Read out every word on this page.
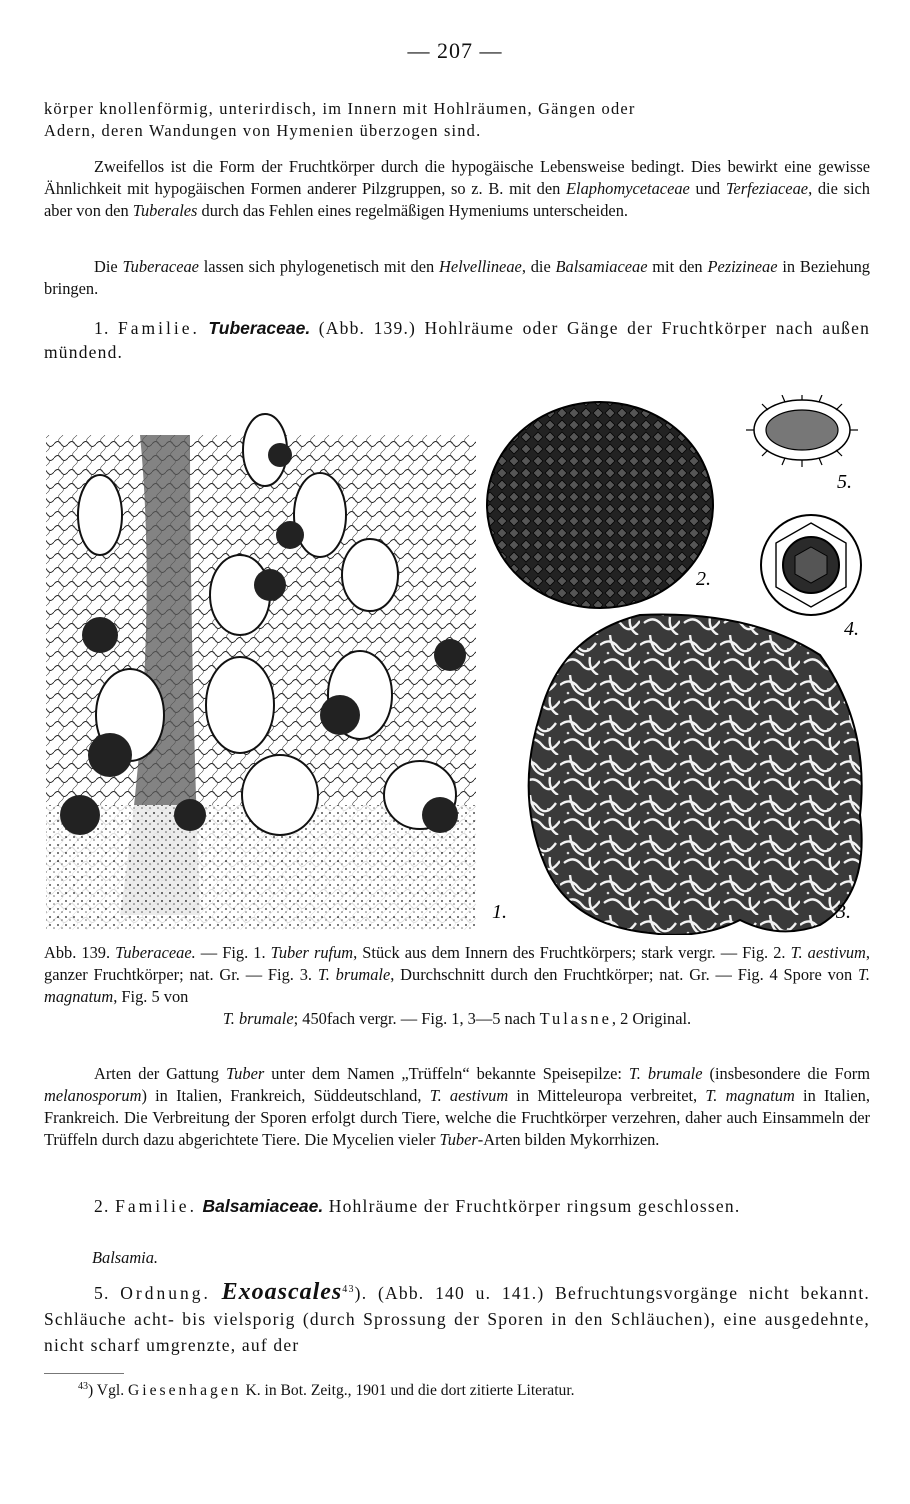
— 207 —
körper knollenförmig, unterirdisch, im Innern mit Hohlräumen, Gängen oder
Adern, deren Wandungen von Hymenien überzogen sind.
Zweifellos ist die Form der Fruchtkörper durch die hypogäische Lebensweise bedingt. Dies bewirkt eine gewisse Ähnlichkeit mit hypogäischen Formen anderer Pilzgruppen, so z. B. mit den Elaphomycetaceae und Terfeziaceae, die sich aber von den Tuberales durch das Fehlen eines regelmäßigen Hymeniums unterscheiden.
Die Tuberaceae lassen sich phylogenetisch mit den Helvellineae, die Balsamiaceae mit den Pezizineae in Beziehung bringen.
1. Familie. Tuberaceae. (Abb. 139.) Hohlräume oder Gänge der Fruchtkörper nach außen mündend.
1.
2.
3.
4.
5.
Abb. 139. Tuberaceae. — Fig. 1. Tuber rufum, Stück aus dem Innern des Fruchtkörpers; stark vergr. — Fig. 2. T. aestivum, ganzer Fruchtkörper; nat. Gr. — Fig. 3. T. brumale, Durchschnitt durch den Fruchtkörper; nat. Gr. — Fig. 4 Spore von T. magnatum, Fig. 5 von
T. brumale; 450fach vergr. — Fig. 1, 3—5 nach Tulasne, 2 Original.
Arten der Gattung Tuber unter dem Namen „Trüffeln“ bekannte Speisepilze: T. brumale (insbesondere die Form melanosporum) in Italien, Frankreich, Süddeutschland, T. aestivum in Mitteleuropa verbreitet, T. magnatum in Italien, Frankreich. Die Verbreitung der Sporen erfolgt durch Tiere, welche die Fruchtkörper verzehren, daher auch Einsammeln der Trüffeln durch dazu abgerichtete Tiere. Die Mycelien vieler Tuber-Arten bilden Mykorrhizen.
2. Familie. Balsamiaceae. Hohlräume der Fruchtkörper ringsum geschlossen.
Balsamia.
5. Ordnung. Exoascales$^{43}$). (Abb. 140 u. 141.) Befruchtungsvorgänge nicht bekannt. Schläuche acht- bis vielsporig (durch Sprossung der Sporen in den Schläuchen), eine ausgedehnte, nicht scharf umgrenzte, auf der
$^{43}$) Vgl. Giesenhagen K. in Bot. Zeitg., 1901 und die dort zitierte Literatur.
